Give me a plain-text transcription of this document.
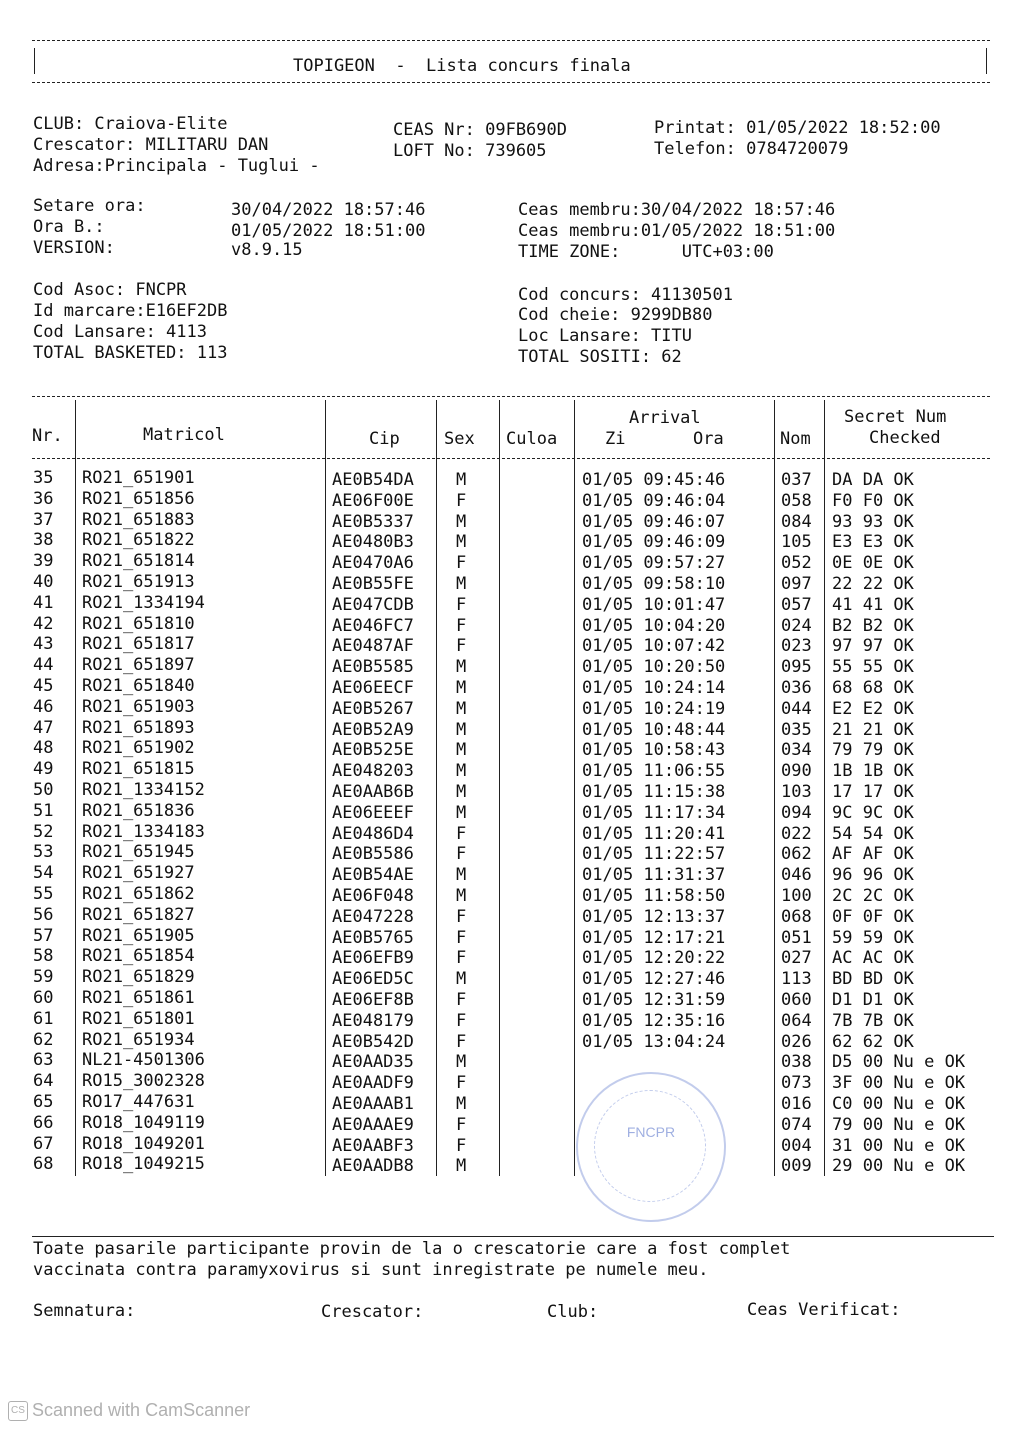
TOPIGEON  -  Lista concurs finala
CLUB: Craiova-Elite
Crescator: MILITARU DAN
Adresa:Principala - Tuglui -
CEAS Nr: 09FB690D
LOFT No: 739605
Printat: 01/05/2022 18:52:00
Telefon: 0784720079
Setare ora:	30/04/2022 18:57:46
Ora B.:	01/05/2022 18:51:00
VERSION:	v8.9.15
Ceas membru:30/04/2022 18:57:46
Ceas membru:01/05/2022 18:51:00
TIME ZONE:      UTC+03:00
Cod Asoc: FNCPR
Id marcare:E16EF2DB
Cod Lansare: 4113
TOTAL BASKETED: 113
Cod concurs: 41130501
Cod cheie: 9299DB80
Loc Lansare: TITU
TOTAL SOSITI: 62
Nr.	Matricol	Cip	Sex Culoa
Arrival
Zi	Ora	Nom
Secret Num
Checked
35 RO21_651901	AE0B54DA M	01/05 09:45:46	037 DA DA OK
36 RO21_651856	AE06F00E F	01/05 09:46:04	058 F0 F0 OK
37 RO21_651883	AE0B5337 M	01/05 09:46:07	084 93 93 OK
38 RO21_651822	AE0480B3 M	01/05 09:46:09	105 E3 E3 OK
39 RO21_651814	AE0470A6 F	01/05 09:57:27	052 0E 0E OK
40 RO21_651913	AE0B55FE M	01/05 09:58:10	097 22 22 OK
41 RO21_1334194	AE047CDB F	01/05 10:01:47	057 41 41 OK
42 RO21_651810	AE046FC7 F	01/05 10:04:20	024 B2 B2 OK
43 RO21_651817	AE0487AF F	01/05 10:07:42	023 97 97 OK
44 RO21_651897	AE0B5585 M	01/05 10:20:50	095 55 55 OK
45 RO21_651840	AE06EECF M	01/05 10:24:14	036 68 68 OK
46 RO21_651903	AE0B5267 M	01/05 10:24:19	044 E2 E2 OK
47 RO21_651893	AE0B52A9 M	01/05 10:48:44	035 21 21 OK
48 RO21_651902	AE0B525E M	01/05 10:58:43	034 79 79 OK
49 RO21_651815	AE048203 M	01/05 11:06:55	090 1B 1B OK
50 RO21_1334152	AE0AAB6B M	01/05 11:15:38	103 17 17 OK
51 RO21_651836	AE06EEEF M	01/05 11:17:34	094 9C 9C OK
52 RO21_1334183	AE0486D4 F	01/05 11:20:41	022 54 54 OK
53 RO21_651945	AE0B5586 F	01/05 11:22:57	062 AF AF OK
54 RO21_651927	AE0B54AE M	01/05 11:31:37	046 96 96 OK
55 RO21_651862	AE06F048 M	01/05 11:58:50	100 2C 2C OK
56 RO21_651827	AE047228 F	01/05 12:13:37	068 0F 0F OK
57 RO21_651905	AE0B5765 F	01/05 12:17:21	051 59 59 OK
58 RO21_651854	AE06EFB9 F	01/05 12:20:22	027 AC AC OK
59 RO21_651829	AE06ED5C M	01/05 12:27:46	113 BD BD OK
60 RO21_651861	AE06EF8B F	01/05 12:31:59	060 D1 D1 OK
61 RO21_651801	AE048179 F	01/05 12:35:16	064 7B 7B OK
62 RO21_651934	AE0B542D F	01/05 13:04:24	026 62 62 OK
63 NL21-4501306	AE0AAD35 M	038 D5 00 Nu e OK
64 RO15_3002328	AE0AADF9 F	073 3F 00 Nu e OK
65 RO17_447631	AE0AAAB1 M	016 C0 00 Nu e OK
66 RO18_1049119	AE0AAAE9 F	074 79 00 Nu e OK
67 RO18_1049201	AE0AABF3 F	004 31 00 Nu e OK
68 RO18_1049215	AE0AADB8 M	009 29 00 Nu e OK
FNCPR
Toate pasarile participante provin de la o crescatorie care a fost complet
vaccinata contra paramyxovirus si sunt inregistrate pe numele meu.
Semnatura:	Crescator:	Club:	Ceas Verificat:
CS Scanned with CamScanner
